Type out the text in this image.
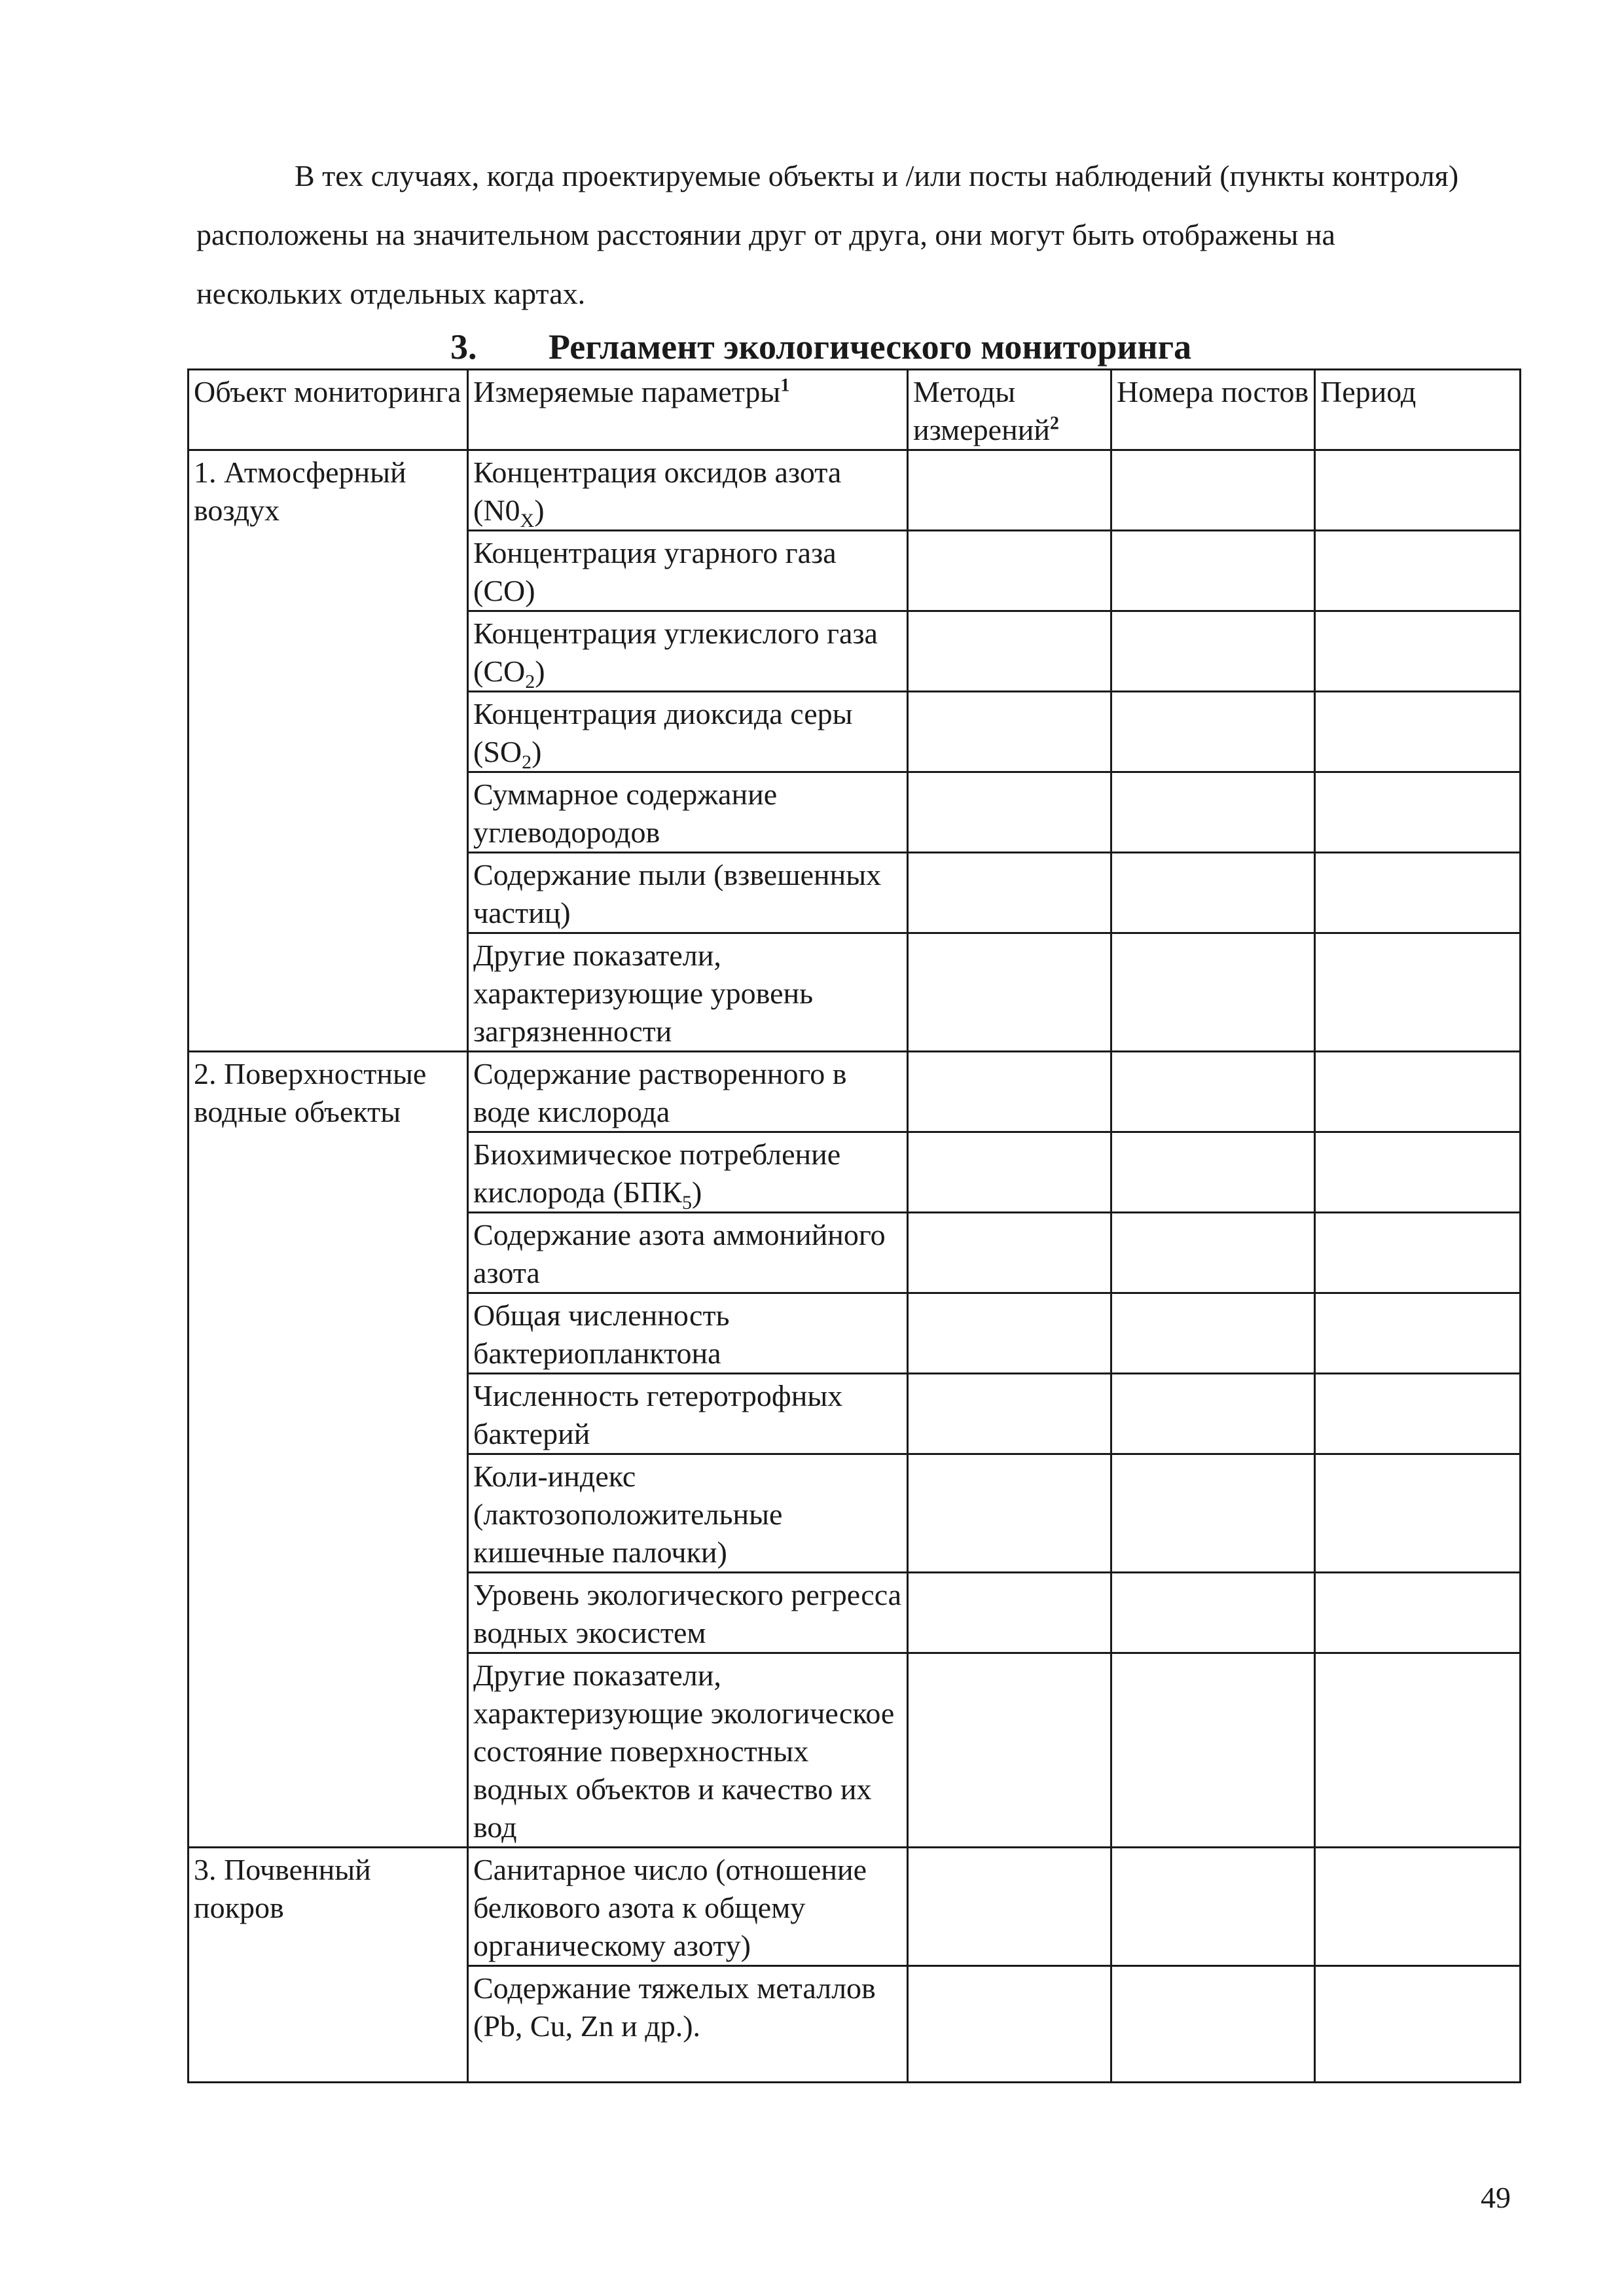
В тех случаях, когда проектируемые объекты и /или посты наблюдений (пункты контроля) расположены на значительном расстоянии друг от друга, они могут быть отображены на нескольких отдельных картах.

3. Регламент экологического мониторинга
Объект мониторинга	Измеряемые параметры$^1$	Методы измерений$^2$	Номера постов	Период
1. Атмосферный воздух	Концентрация оксидов азота $(N0_X)$			
	Концентрация угарного газа (CO)			
	Концентрация углекислого газа $(CO_2)$			
	Концентрация диоксида серы $(SO_2)$			
	Суммарное содержание углеводородов			
	Содержание пыли (взвешенных частиц)			
	Другие показатели, характеризующие уровень загрязненности			
2. Поверхностные водные объекты	Содержание растворенного в воде кислорода			
	Биохимическое потребление кислорода $(БПК_5)$			
	Содержание азота аммонийного азота			
	Общая численность бактериопланктона			
	Численность гетеротрофных бактерий			
	Коли-индекс (лактозоположительные кишечные палочки)			
	Уровень экологического регресса водных экосистем			
	Другие показатели, характеризующие экологическое состояние поверхностных водных объектов и качество их вод			
3. Почвенный покров	Санитарное число (отношение белкового азота к общему органическому азоту)			
	Содержание тяжелых металлов (Pb, Cu, Zn и др.).			
49
